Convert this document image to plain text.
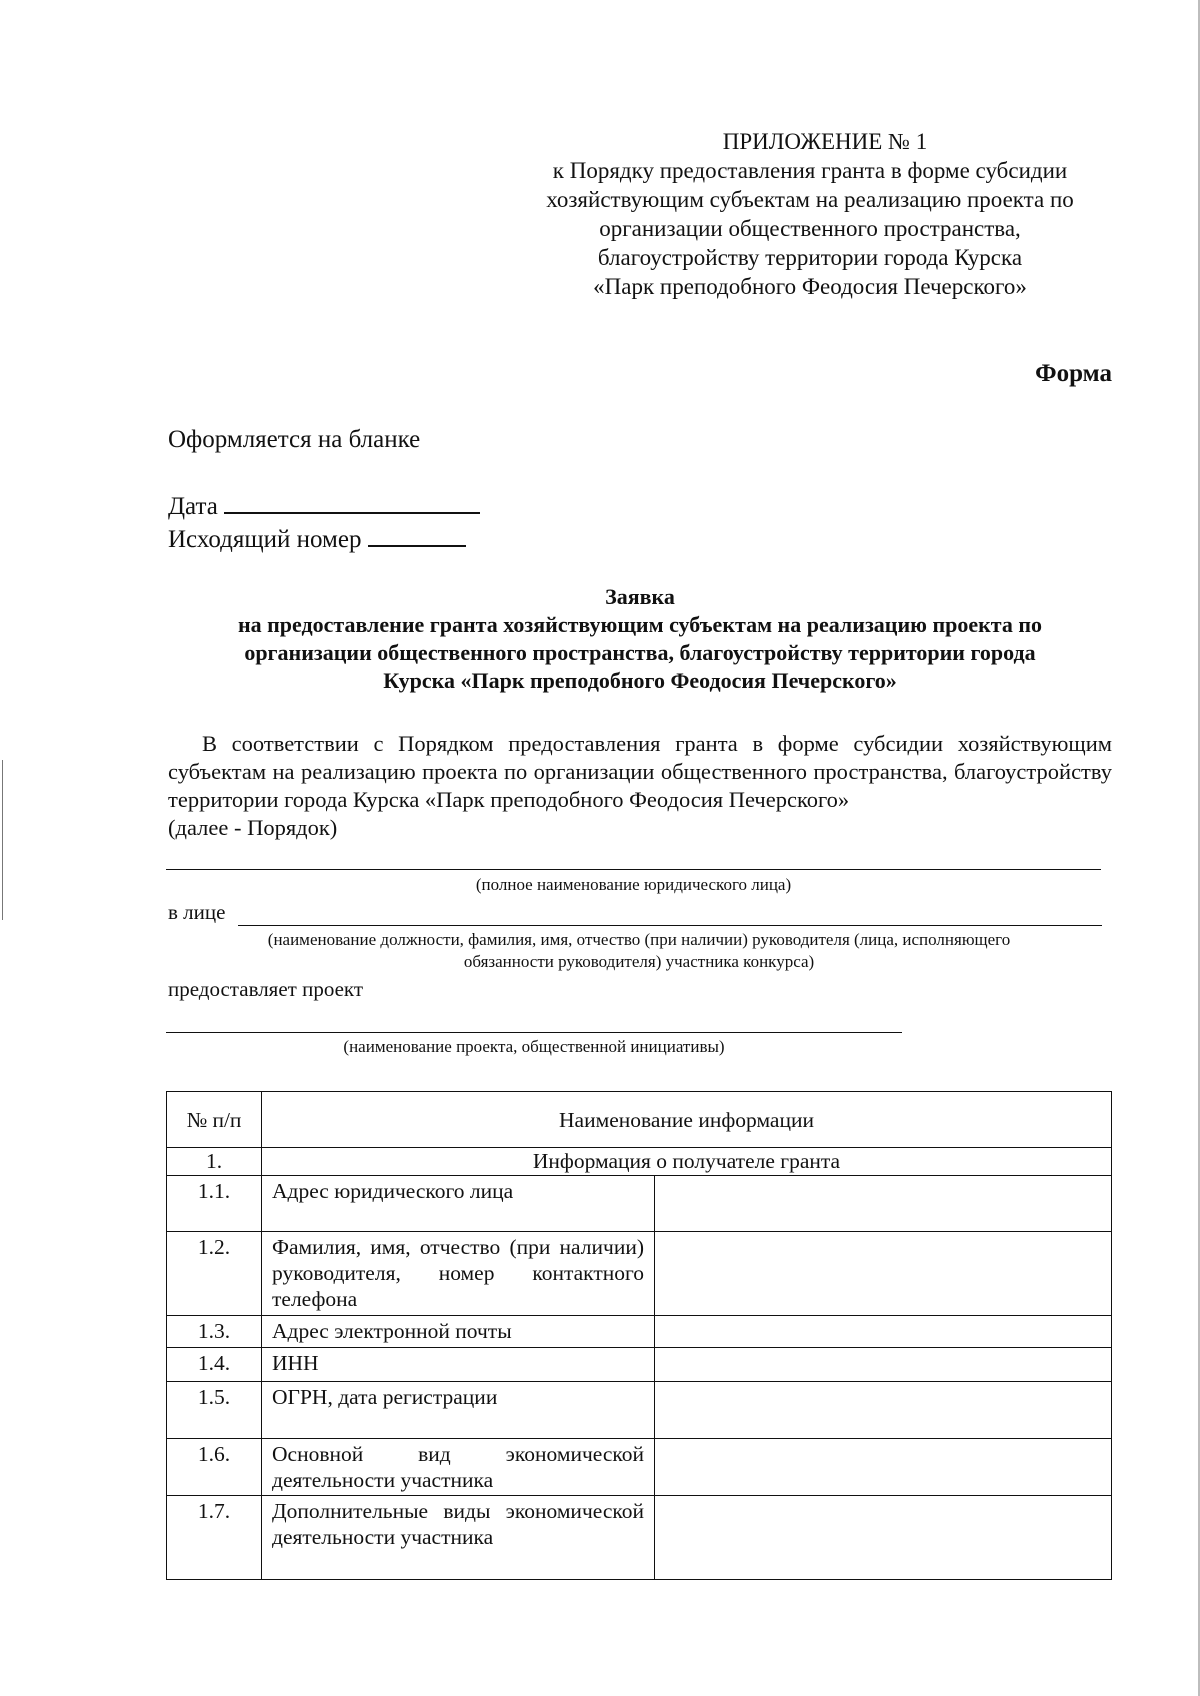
ПРИЛОЖЕНИЕ № 1
к Порядку предоставления гранта в форме субсидии
хозяйствующим субъектам на реализацию проекта по
организации общественного пространства,
благоустройству территории города Курска
«Парк преподобного Феодосия Печерского»
Форма
Оформляется на бланке
Дата
Исходящий номер
Заявка
на предоставление гранта хозяйствующим субъектам на реализацию проекта по
организации общественного пространства, благоустройству территории города
Курска «Парк преподобного Феодосия Печерского»
В соответствии с Порядком предоставления гранта в форме субсидии хозяйствующим субъектам на реализацию проекта по организации общественного пространства, благоустройству территории города Курска «Парк преподобного Феодосия Печерского»
(далее - Порядок)
(полное наименование юридического лица)
в лице
(наименование должности, фамилия, имя, отчество (при наличии) руководителя (лица, исполняющего
обязанности руководителя) участника конкурса)
предоставляет проект
(наименование проекта, общественной инициативы)
№ п/п	Наименование информации	
1.	Информация о получателе гранта	
1.1.	Адрес юридического лица	
1.2.	Фамилия, имя, отчество (при наличии) руководителя, номер контактного телефона	
1.3.	Адрес электронной почты	
1.4.	ИНН	
1.5.	ОГРН, дата регистрации	
1.6.	Основной вид экономической деятельности участника	
1.7.	Дополнительные виды экономической деятельности участника	
